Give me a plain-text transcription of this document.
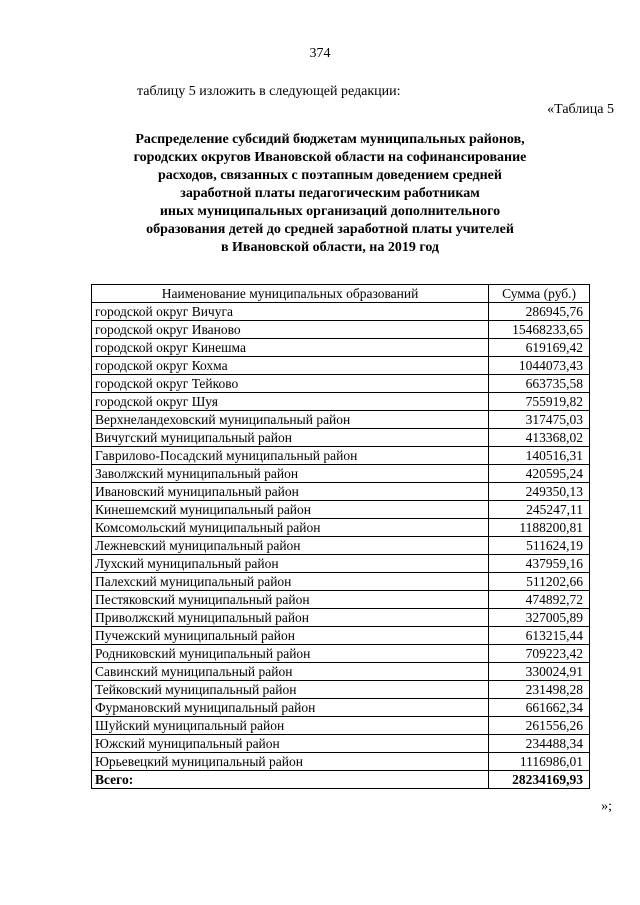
374
таблицу 5 изложить в следующей редакции:
«Таблица 5
Распределение субсидий бюджетам муниципальных районов,
городских округов Ивановской области на софинансирование
расходов, связанных с поэтапным доведением средней
заработной платы педагогическим работникам
иных муниципальных организаций дополнительного
образования детей до средней заработной платы учителей
в Ивановской области, на 2019 год
Наименование муниципальных образований	Сумма (руб.)
городской округ Вичуга	286945,76
городской округ Иваново	15468233,65
городской округ Кинешма	619169,42
городской округ Кохма	1044073,43
городской округ Тейково	663735,58
городской округ Шуя	755919,82
Верхнеландеховский муниципальный район	317475,03
Вичугский муниципальный район	413368,02
Гаврилово-Посадский муниципальный район	140516,31
Заволжский муниципальный район	420595,24
Ивановский муниципальный район	249350,13
Кинешемский муниципальный район	245247,11
Комсомольский муниципальный район	1188200,81
Лежневский муниципальный район	511624,19
Лухский муниципальный район	437959,16
Палехский муниципальный район	511202,66
Пестяковский муниципальный район	474892,72
Приволжский муниципальный район	327005,89
Пучежский муниципальный район	613215,44
Родниковский муниципальный район	709223,42
Савинский муниципальный район	330024,91
Тейковский муниципальный район	231498,28
Фурмановский муниципальный район	661662,34
Шуйский муниципальный район	261556,26
Южский муниципальный район	234488,34
Юрьевецкий муниципальный район	1116986,01
Всего:	28234169,93
»;
